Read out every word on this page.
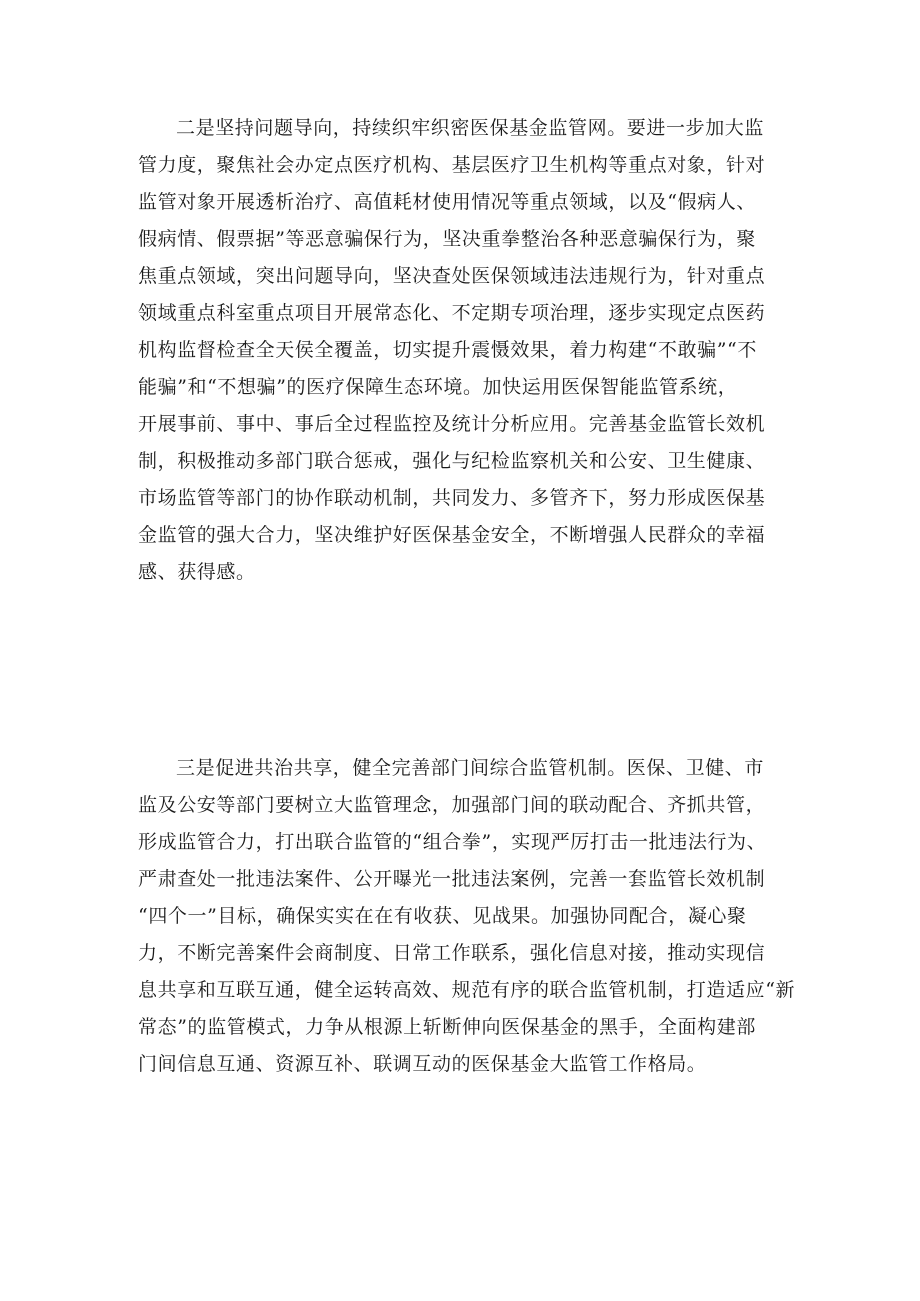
二是坚持问题导向，持续织牢织密医保基金监管网。要进一步加大监
管力度，聚焦社会办定点医疗机构、基层医疗卫生机构等重点对象，针对
监管对象开展透析治疗、高值耗材使用情况等重点领域，以及“假病人、
假病情、假票据”等恶意骗保行为，坚决重拳整治各种恶意骗保行为，聚
焦重点领域，突出问题导向，坚决查处医保领域违法违规行为，针对重点
领域重点科室重点项目开展常态化、不定期专项治理，逐步实现定点医药
机构监督检查全天侯全覆盖，切实提升震慑效果，着力构建“不敢骗”“不
能骗”和“不想骗”的医疗保障生态环境。加快运用医保智能监管系统，
开展事前、事中、事后全过程监控及统计分析应用。完善基金监管长效机
制，积极推动多部门联合惩戒，强化与纪检监察机关和公安、卫生健康、
市场监管等部门的协作联动机制，共同发力、多管齐下，努力形成医保基
金监管的强大合力，坚决维护好医保基金安全，不断增强人民群众的幸福
感、获得感。
三是促进共治共享，健全完善部门间综合监管机制。医保、卫健、市
监及公安等部门要树立大监管理念，加强部门间的联动配合、齐抓共管，
形成监管合力，打出联合监管的“组合拳”，实现严厉打击一批违法行为、
严肃查处一批违法案件、公开曝光一批违法案例，完善一套监管长效机制
“四个一”目标，确保实实在在有收获、见战果。加强协同配合，凝心聚
力，不断完善案件会商制度、日常工作联系，强化信息对接，推动实现信
息共享和互联互通，健全运转高效、规范有序的联合监管机制，打造适应“新
常态”的监管模式，力争从根源上斩断伸向医保基金的黑手，全面构建部
门间信息互通、资源互补、联调互动的医保基金大监管工作格局。
